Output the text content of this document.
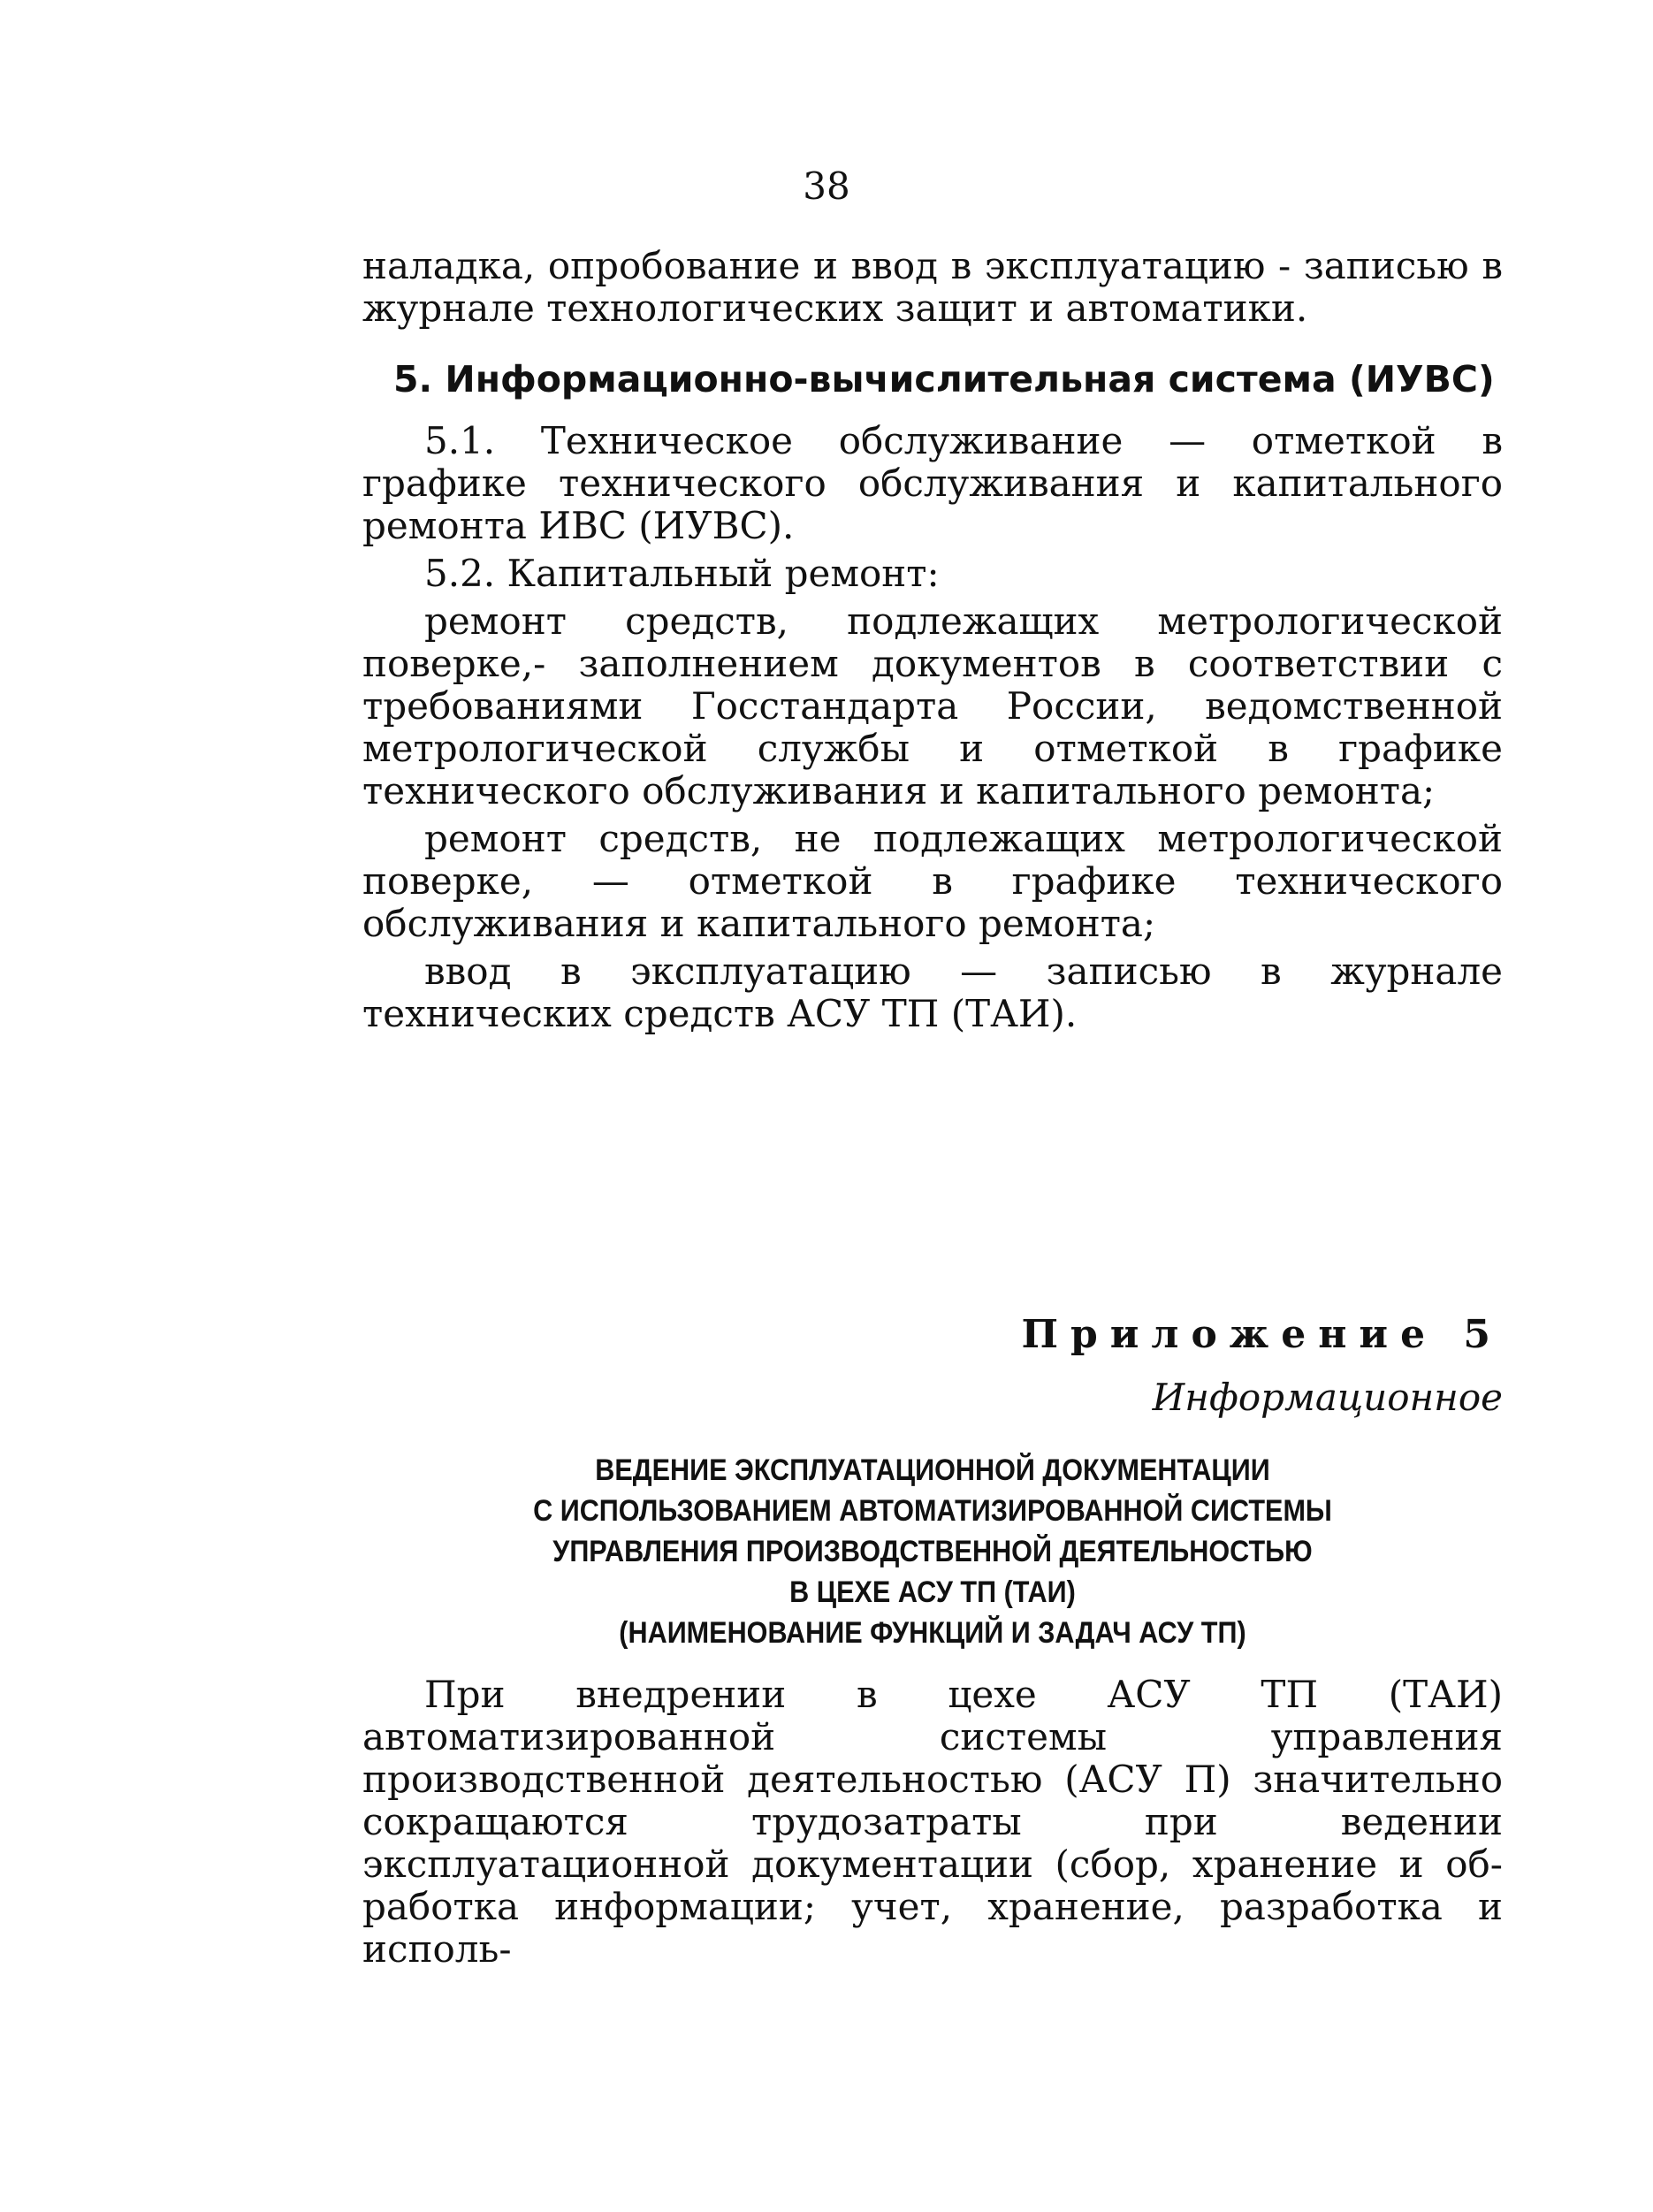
38

наладка, опробование и ввод в эксплуатацию - записью в журнале технологических защит и автоматики.

5. Информационно-вычислительная система (ИУВС)

5.1. Техническое обслуживание — отметкой в графике технического обслуживания и капитального ремонта ИВС (ИУВС).

5.2. Капитальный ремонт:

ремонт средств, подлежащих метрологической поверке,- заполнением документов в соответствии с требованиями Госстандарта России, ведомственной метрологической службы и отметкой в графике технического обслуживания и капитального ремонта;

ремонт средств, не подлежащих метрологической поверке, — отметкой в графике технического обслуживания и капитального ремонта;

ввод в эксплуатацию — записью в журнале технических средств АСУ ТП (ТАИ).

Приложение 5
Информационное
ВЕДЕНИЕ ЭКСПЛУАТАЦИОННОЙ ДОКУМЕНТАЦИИ
С ИСПОЛЬЗОВАНИЕМ АВТОМАТИЗИРОВАННОЙ СИСТЕМЫ
УПРАВЛЕНИЯ ПРОИЗВОДСТВЕННОЙ ДЕЯТЕЛЬНОСТЬЮ
В ЦЕХЕ АСУ ТП (ТАИ)
(НАИМЕНОВАНИЕ ФУНКЦИЙ И ЗАДАЧ АСУ ТП)

При внедрении в цехе АСУ ТП (ТАИ) автоматизированной системы управления производственной деятельностью (АСУ П) значительно сокращаются трудозатраты при ведении эксплуатационной документации (сбор, хранение и обработка информации; учет, хранение, разработка и исполь-
